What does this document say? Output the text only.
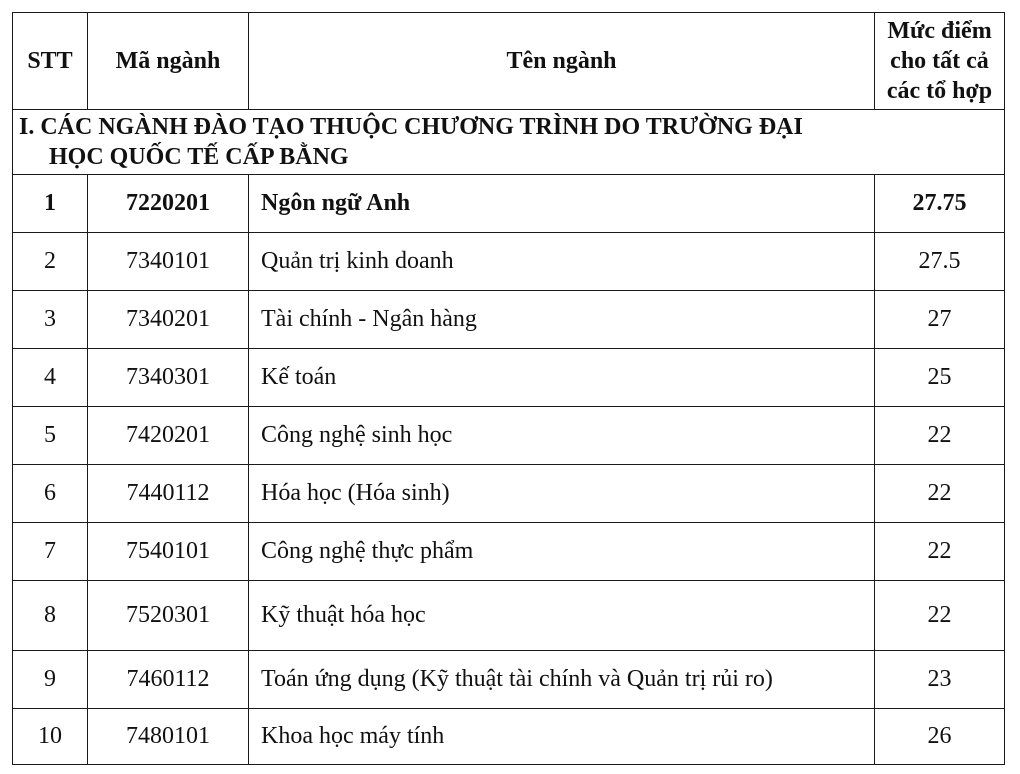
STT	Mã ngành	Tên ngành	Mức điểm
cho tất cả
các tổ hợp
I. CÁC NGÀNH ĐÀO TẠO THUỘC CHƯƠNG TRÌNH DO TRƯỜNG ĐẠI
HỌC QUỐC TẾ CẤP BẰNG			

1	7220201	Ngôn ngữ Anh	27.75
2	7340101	Quản trị kinh doanh	27.5
3	7340201	Tài chính - Ngân hàng	27
4	7340301	Kế toán	25
5	7420201	Công nghệ sinh học	22
6	7440112	Hóa học (Hóa sinh)	22
7	7540101	Công nghệ thực phẩm	22
8	7520301	Kỹ thuật hóa học	22
9	7460112	Toán ứng dụng (Kỹ thuật tài chính và Quản trị rủi ro)	23
10	7480101	Khoa học máy tính	26
